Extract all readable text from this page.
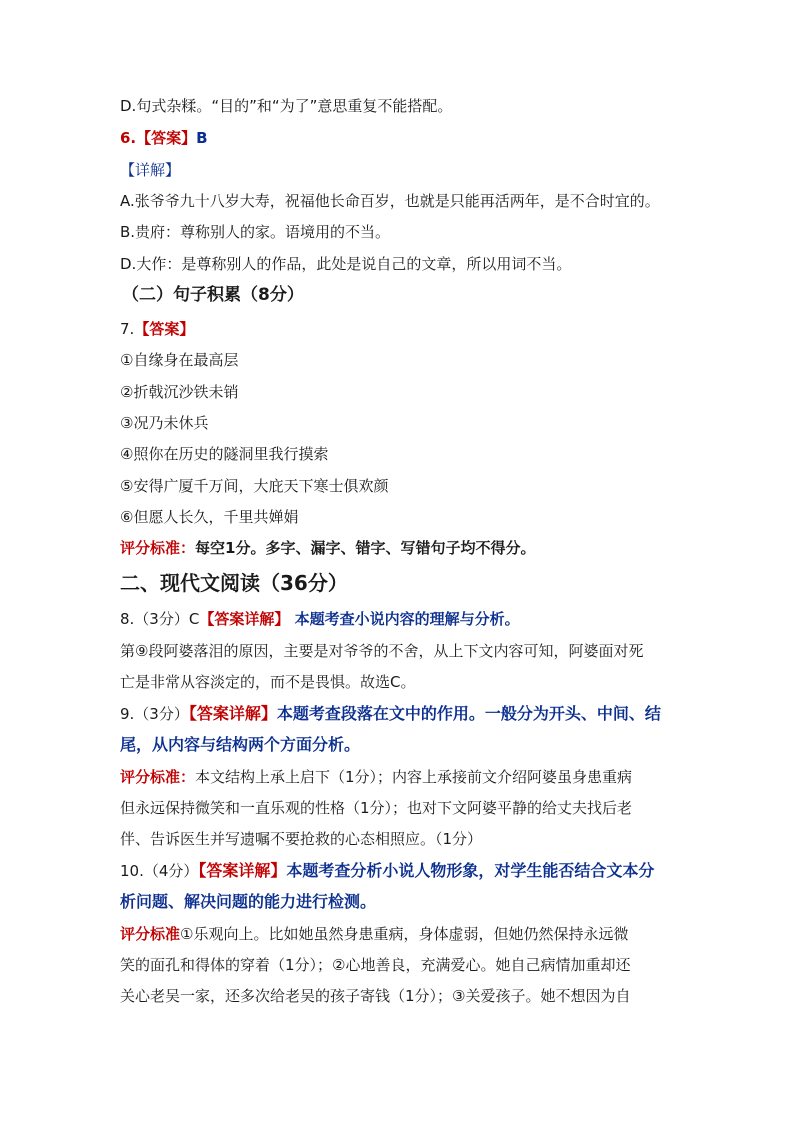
D.句式杂糅。“目的”和“为了”意思重复不能搭配。
6.【答案】B
【详解】
A.张爷爷九十八岁大寿，祝福他长命百岁，也就是只能再活两年，是不合时宜的。
B.贵府：尊称别人的家。语境用的不当。
D.大作：是尊称别人的作品，此处是说自己的文章，所以用词不当。
（二）句子积累（8分）
7.【答案】
①自缘身在最高层
②折戟沉沙铁未销
③况乃未休兵
④照你在历史的隧洞里我行摸索
⑤安得广厦千万间，大庇天下寒士俱欢颜
⑥但愿人长久，千里共婵娟
评分标准：每空1分。多字、漏字、错字、写错句子均不得分。
二、现代文阅读（36分）
8.（3分）C【答案详解】 本题考查小说内容的理解与分析。
第⑨段阿婆落泪的原因，主要是对爷爷的不舍，从上下文内容可知，阿婆面对死
亡是非常从容淡定的，而不是畏惧。故选C。
9.（3分）【答案详解】本题考查段落在文中的作用。一般分为开头、中间、结
尾，从内容与结构两个方面分析。
评分标准：本文结构上承上启下（1分）；内容上承接前文介绍阿婆虽身患重病
但永远保持微笑和一直乐观的性格（1分）；也对下文阿婆平静的给丈夫找后老
伴、告诉医生并写遗嘱不要抢救的心态相照应。（1分）
10.（4分）【答案详解】本题考查分析小说人物形象，对学生能否结合文本分
析问题、解决问题的能力进行检测。
评分标准①乐观向上。比如她虽然身患重病，身体虚弱，但她仍然保持永远微
笑的面孔和得体的穿着（1分）；②心地善良，充满爱心。她自己病情加重却还
关心老吴一家，还多次给老吴的孩子寄钱（1分）；③关爱孩子。她不想因为自
